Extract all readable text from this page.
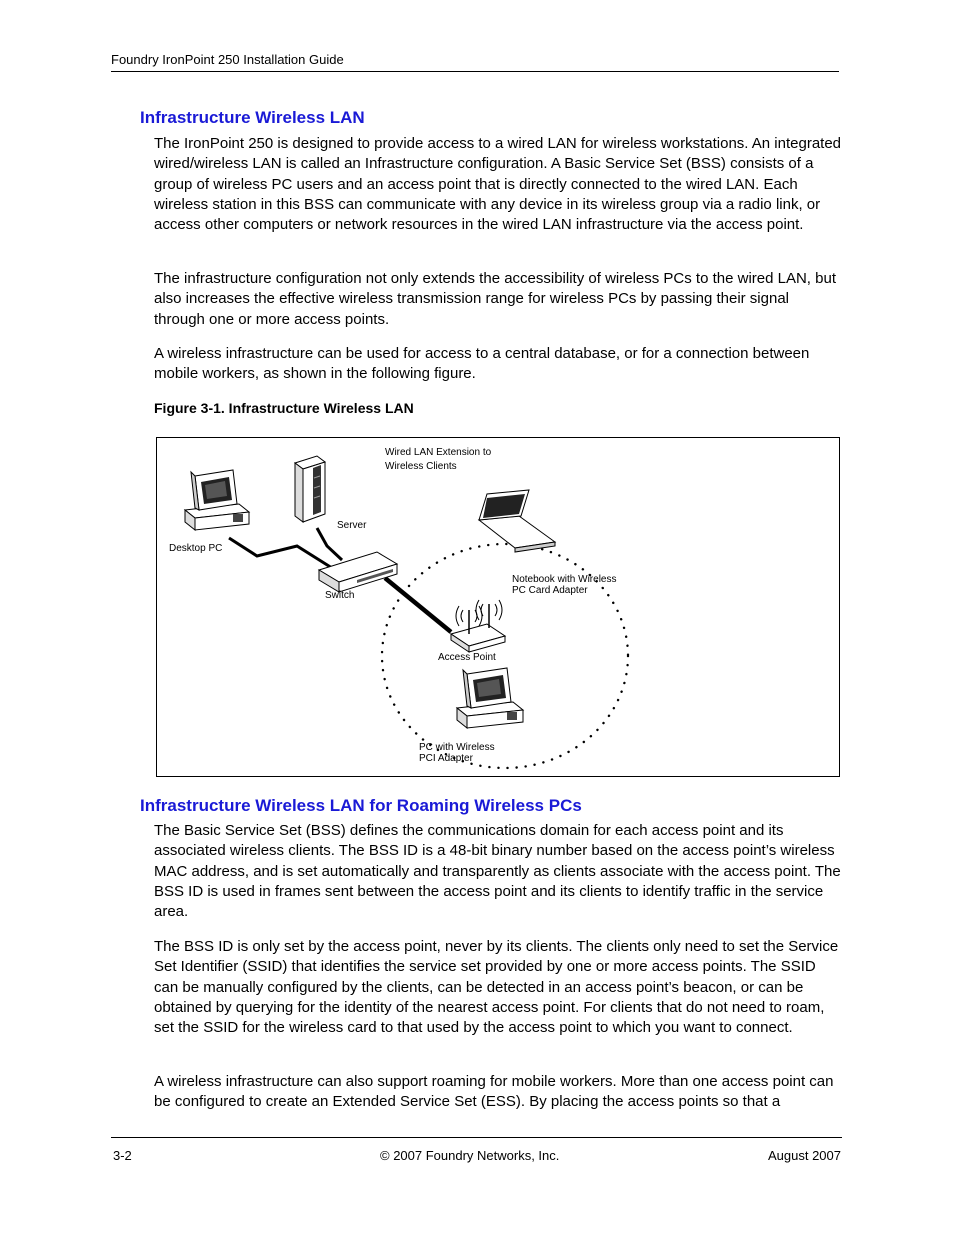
Foundry IronPoint 250 Installation Guide
Infrastructure Wireless LAN

The IronPoint 250 is designed to provide access to a wired LAN for wireless workstations. An integrated wired/wireless LAN is called an Infrastructure configuration. A Basic Service Set (BSS) consists of a group of wireless PC users and an access point that is directly connected to the wired LAN. Each wireless station in this BSS can communicate with any device in its wireless group via a radio link, or access other computers or network resources in the wired LAN infrastructure via the access point.

The infrastructure configuration not only extends the accessibility of wireless PCs to the wired LAN, but also increases the effective wireless transmission range for wireless PCs by passing their signal through one or more access points.

A wireless infrastructure can be used for access to a central database, or for a connection between mobile workers, as shown in the following figure.

Figure 3-1. Infrastructure Wireless LAN

Wired LAN Extension to
Wireless Clients
Server
Desktop PC
Switch
Notebook with Wireless
PC Card Adapter
Access Point
PC with Wireless
PCI Adapter
Infrastructure Wireless LAN for Roaming Wireless PCs

The Basic Service Set (BSS) defines the communications domain for each access point and its associated wireless clients. The BSS ID is a 48-bit binary number based on the access point’s wireless MAC address, and is set automatically and transparently as clients associate with the access point. The BSS ID is used in frames sent between the access point and its clients to identify traffic in the service area.

The BSS ID is only set by the access point, never by its clients. The clients only need to set the Service Set Identifier (SSID) that identifies the service set provided by one or more access points. The SSID can be manually configured by the clients, can be detected in an access point’s beacon, or can be obtained by querying for the identity of the nearest access point. For clients that do not need to roam, set the SSID for the wireless card to that used by the access point to which you want to connect.

A wireless infrastructure can also support roaming for mobile workers. More than one access point can be configured to create an Extended Service Set (ESS). By placing the access points so that a

3-2	© 2007 Foundry Networks, Inc.	August 2007
